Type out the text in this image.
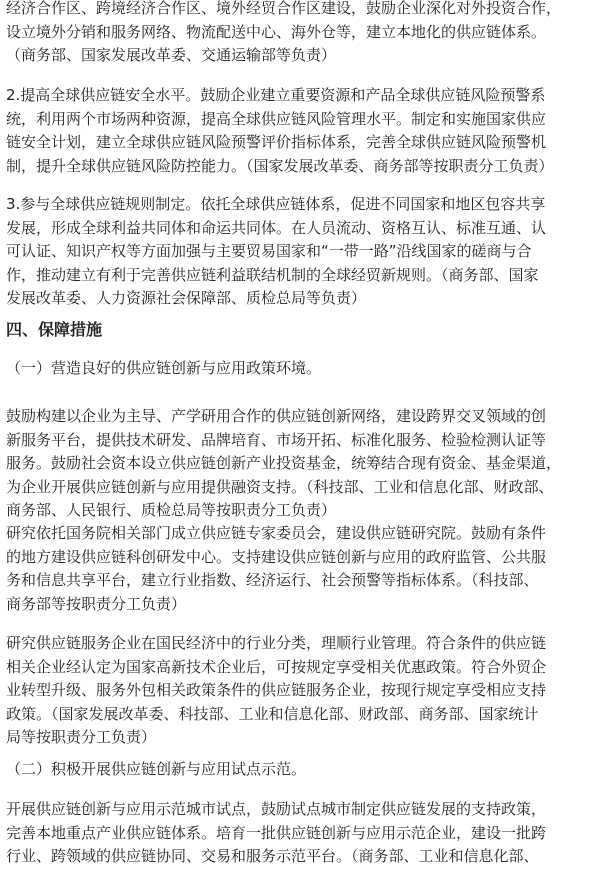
经济合作区、跨境经济合作区、境外经贸合作区建设，鼓励企业深化对外投资合作，
设立境外分销和服务网络、物流配送中心、海外仓等，建立本地化的供应链体系。
（商务部、国家发展改革委、交通运输部等负责）
2.提高全球供应链安全水平。鼓励企业建立重要资源和产品全球供应链风险预警系
统，利用两个市场两种资源，提高全球供应链风险管理水平。制定和实施国家供应
链安全计划，建立全球供应链风险预警评价指标体系，完善全球供应链风险预警机
制，提升全球供应链风险防控能力。（国家发展改革委、商务部等按职责分工负责）
3.参与全球供应链规则制定。依托全球供应链体系，促进不同国家和地区包容共享
发展，形成全球利益共同体和命运共同体。在人员流动、资格互认、标准互通、认
可认证、知识产权等方面加强与主要贸易国家和“一带一路”沿线国家的磋商与合
作，推动建立有利于完善供应链利益联结机制的全球经贸新规则。（商务部、国家
发展改革委、人力资源社会保障部、质检总局等负责）
四、保障措施
（一）营造良好的供应链创新与应用政策环境。
鼓励构建以企业为主导、产学研用合作的供应链创新网络，建设跨界交叉领域的创
新服务平台，提供技术研发、品牌培育、市场开拓、标准化服务、检验检测认证等
服务。鼓励社会资本设立供应链创新产业投资基金，统筹结合现有资金、基金渠道，
为企业开展供应链创新与应用提供融资支持。（科技部、工业和信息化部、财政部、
商务部、人民银行、质检总局等按职责分工负责）
研究依托国务院相关部门成立供应链专家委员会，建设供应链研究院。鼓励有条件
的地方建设供应链科创研发中心。支持建设供应链创新与应用的政府监管、公共服
务和信息共享平台，建立行业指数、经济运行、社会预警等指标体系。（科技部、
商务部等按职责分工负责）
研究供应链服务企业在国民经济中的行业分类，理顺行业管理。符合条件的供应链
相关企业经认定为国家高新技术企业后，可按规定享受相关优惠政策。符合外贸企
业转型升级、服务外包相关政策条件的供应链服务企业，按现行规定享受相应支持
政策。（国家发展改革委、科技部、工业和信息化部、财政部、商务部、国家统计
局等按职责分工负责）
（二）积极开展供应链创新与应用试点示范。
开展供应链创新与应用示范城市试点，鼓励试点城市制定供应链发展的支持政策，
完善本地重点产业供应链体系。培育一批供应链创新与应用示范企业，建设一批跨
行业、跨领域的供应链协同、交易和服务示范平台。（商务部、工业和信息化部、
